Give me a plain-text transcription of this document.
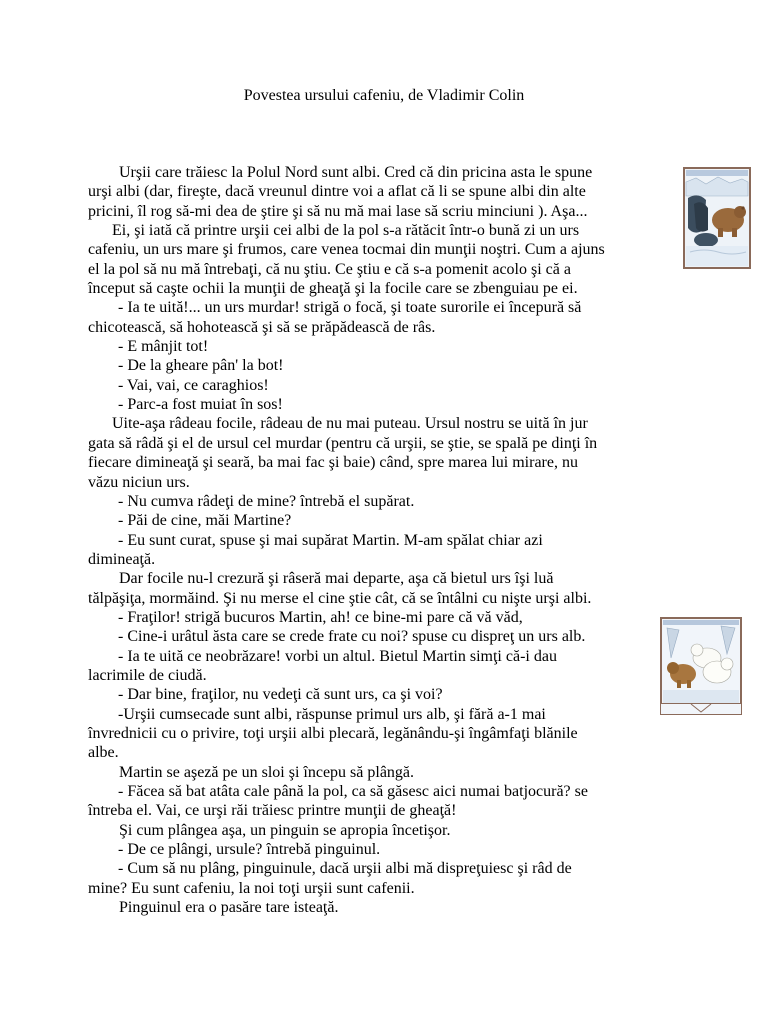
Povestea ursului cafeniu, de Vladimir Colin
Urşii care trăiesc la Polul Nord sunt albi. Cred că din pricina asta le spune
urşi albi (dar, fireşte, dacă vreunul dintre voi a aflat că li se spune albi din alte
pricini, îl rog să-mi dea de ştire şi să nu mă mai lase să scriu minciuni ). Aşa...
Ei, şi iată că printre urşii cei albi de la pol s-a rătăcit într-o bună zi un urs
cafeniu, un urs mare şi frumos, care venea tocmai din munţii noştri. Cum a ajuns
el la pol să nu mă întrebaţi, că nu ştiu. Ce ştiu e că s-a pomenit acolo şi că a
început să caşte ochii la munţii de gheaţă şi la focile care se zbenguiau pe ei.
- Ia te uită!... un urs murdar! strigă o focă, şi toate surorile ei începură să
chicotească, să hohotească şi să se prăpădească de râs.
- E mânjit tot!
- De la gheare pân' la bot!
- Vai, vai, ce caraghios!
- Parc-a fost muiat în sos!
Uite-aşa râdeau focile, râdeau de nu mai puteau. Ursul nostru se uită în jur
gata să râdă şi el de ursul cel murdar (pentru că urşii, se ştie, se spală pe dinţi în
fiecare dimineaţă şi seară, ba mai fac şi baie) când, spre marea lui mirare, nu
văzu niciun urs.
- Nu cumva râdeţi de mine? întrebă el supărat.
- Păi de cine, măi Martine?
- Eu sunt curat, spuse şi mai supărat Martin. M-am spălat chiar azi
dimineaţă.
Dar focile nu-l crezură şi râseră mai departe, aşa că bietul urs îşi luă
tălpăşiţa, mormăind. Şi nu merse el cine ştie cât, că se întâlni cu nişte urşi albi.
- Fraţilor! strigă bucuros Martin, ah! ce bine-mi pare că vă văd,
- Cine-i urâtul ăsta care se crede frate cu noi? spuse cu dispreţ un urs alb.
- Ia te uită ce neobrăzare! vorbi un altul. Bietul Martin simţi că-i dau
lacrimile de ciudă.
- Dar bine, fraţilor, nu vedeţi că sunt urs, ca şi voi?
-Urşii cumsecade sunt albi, răspunse primul urs alb, şi fără a-1 mai
învrednicii cu o privire, toţi urşii albi plecară, legănându-şi îngâmfaţi blănile
albe.
Martin se aşeză pe un sloi şi începu să plângă.
- Făcea să bat atâta cale până la pol, ca să găsesc aici numai batjocură? se
întreba el. Vai, ce urşi răi trăiesc printre munţii de gheaţă!
Şi cum plângea aşa, un pinguin se apropia încetişor.
- De ce plângi, ursule? întrebă pinguinul.
- Cum să nu plâng, pinguinule, dacă urşii albi mă dispreţuiesc şi râd de
mine? Eu sunt cafeniu, la noi toţi urşii sunt cafenii.
Pinguinul era o pasăre tare isteaţă.
